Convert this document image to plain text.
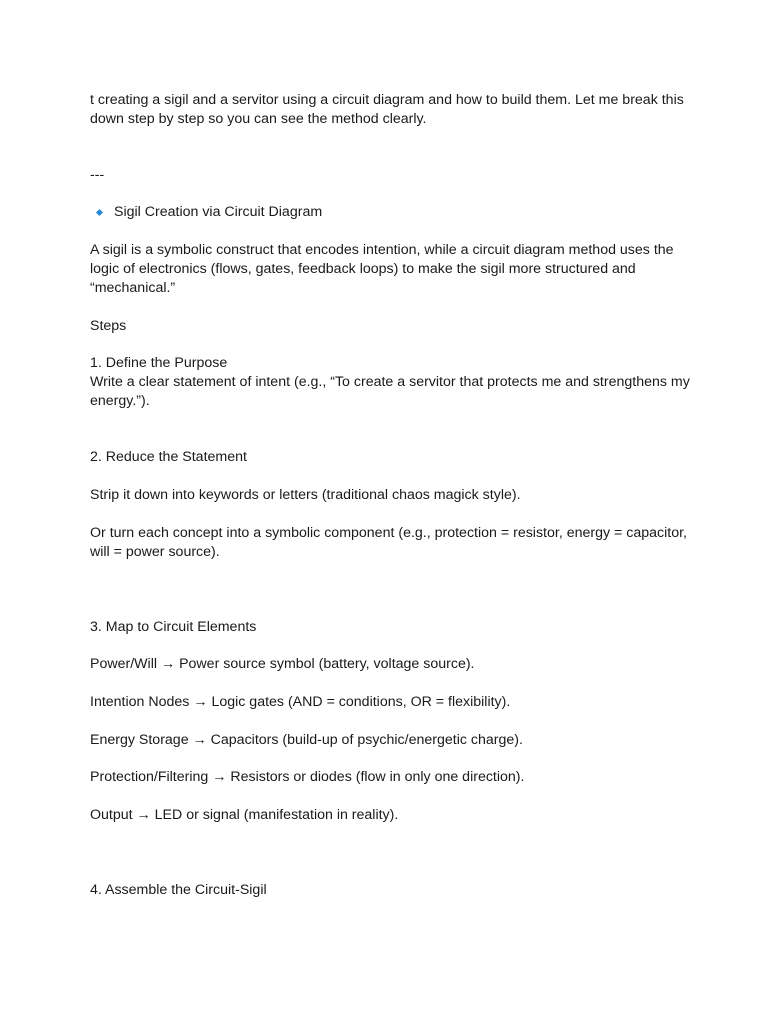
t creating a sigil and a servitor using a circuit diagram and how to build them. Let me break this
down step by step so you can see the method clearly.
---
Sigil Creation via Circuit Diagram
A sigil is a symbolic construct that encodes intention, while a circuit diagram method uses the
logic of electronics (flows, gates, feedback loops) to make the sigil more structured and
“mechanical.”
Steps
1. Define the Purpose
Write a clear statement of intent (e.g., “To create a servitor that protects me and strengthens my
energy.”).
2. Reduce the Statement
Strip it down into keywords or letters (traditional chaos magick style).
Or turn each concept into a symbolic component (e.g., protection = resistor, energy = capacitor,
will = power source).
3. Map to Circuit Elements
Power/Will → Power source symbol (battery, voltage source).
Intention Nodes → Logic gates (AND = conditions, OR = flexibility).
Energy Storage → Capacitors (build-up of psychic/energetic charge).
Protection/Filtering → Resistors or diodes (flow in only one direction).
Output → LED or signal (manifestation in reality).
4. Assemble the Circuit-Sigil
